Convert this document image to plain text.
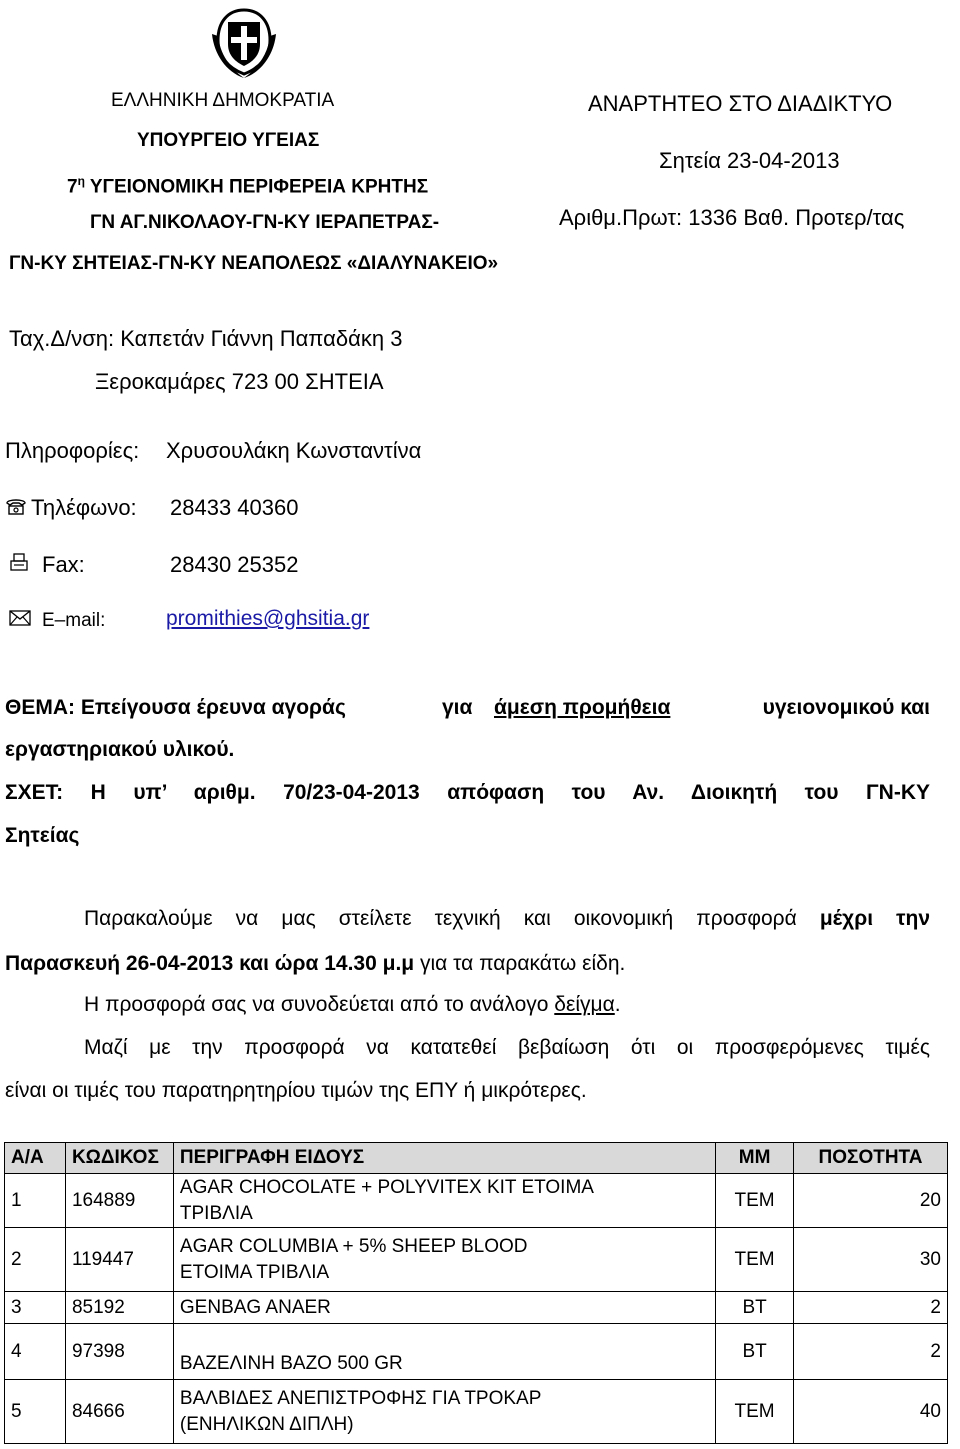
ΕΛΛΗΝΙΚΗ ΔΗΜΟΚΡΑΤΙΑ
ΥΠΟΥΡΓΕΙΟ ΥΓΕΙΑΣ
$7^\eta$ ΥΓΕΙΟΝΟΜΙΚΗ ΠΕΡΙΦΕΡΕΙΑ ΚΡΗΤΗΣ
ΓΝ ΑΓ.ΝΙΚΟΛΑΟΥ-ΓΝ-ΚΥ ΙΕΡΑΠΕΤΡΑΣ-
ΓΝ-ΚΥ ΣΗΤΕΙΑΣ-ΓΝ-ΚΥ ΝΕΑΠΟΛΕΩΣ «ΔΙΑΛΥΝΑΚΕΙΟ»
ΑΝΑΡΤΗΤΕΟ ΣΤΟ ΔΙΑΔΙΚΤΥΟ
Σητεία 23-04-2013
Αριθμ.Πρωτ: 1336 Βαθ. Προτερ/τας
Ταχ.Δ/νση: Καπετάν Γιάννη Παπαδάκη 3
Ξεροκαμάρες 723 00 ΣΗΤΕΙΑ
Πληροφορίες: Χρυσουλάκη Κωνσταντίνα
Τηλέφωνο: 28433 40360
Fax:	28430 25352
E–mail:	promithies@ghsitia.gr
ΘΕΜΑ: Επείγουσα έρευνα αγοράς	για άμεση προμήθεια	υγειονομικού και
εργαστηριακού υλικού.
ΣΧΕΤ: Η υπ’ αριθμ. 70/23-04-2013 απόφαση του Αν. Διοικητή του ΓΝ-ΚΥ
Σητείας
Παρακαλούμε να μας στείλετε τεχνική και οικονομική προσφορά μέχρι την
Παρασκευή 26-04-2013 και ώρα 14.30 μ.μ για τα παρακάτω είδη.
Η προσφορά σας να συνοδεύεται από το ανάλογο δείγμα.
Μαζί με την προσφορά να κατατεθεί βεβαίωση ότι οι προσφερόμενες τιμές
είναι οι τιμές του παρατηρητηρίου τιμών της ΕΠΥ ή μικρότερες.
Α/Α	ΚΩΔΙΚΟΣ	ΠΕΡΙΓΡΑΦΗ ΕΙΔΟΥΣ	ΜΜ	ΠΟΣΟΤΗΤΑ
1	164889	AGAR CHOCOLATE + POLYVITEX KIT ΕΤΟΙΜΑ
ΤΡΙΒΛΙΑ	ΤΕΜ	20
2	119447	AGAR COLUMBIA + 5% SHEEP BLOOD
ΕΤΟΙΜΑ ΤΡΙΒΛΙΑ	ΤΕΜ	30
3	85192	GENBAG ANAER	ΒΤ	2
4	97398	ΒΑΖΕΛΙΝΗ ΒΑΖΟ 500 GR	ΒΤ	2
5	84666	ΒΑΛΒΙΔΕΣ ΑΝΕΠΙΣΤΡΟΦΗΣ ΓΙΑ ΤΡΟΚΑΡ
(ΕΝΗΛΙΚΩΝ ΔΙΠΛΗ)	ΤΕΜ	40
